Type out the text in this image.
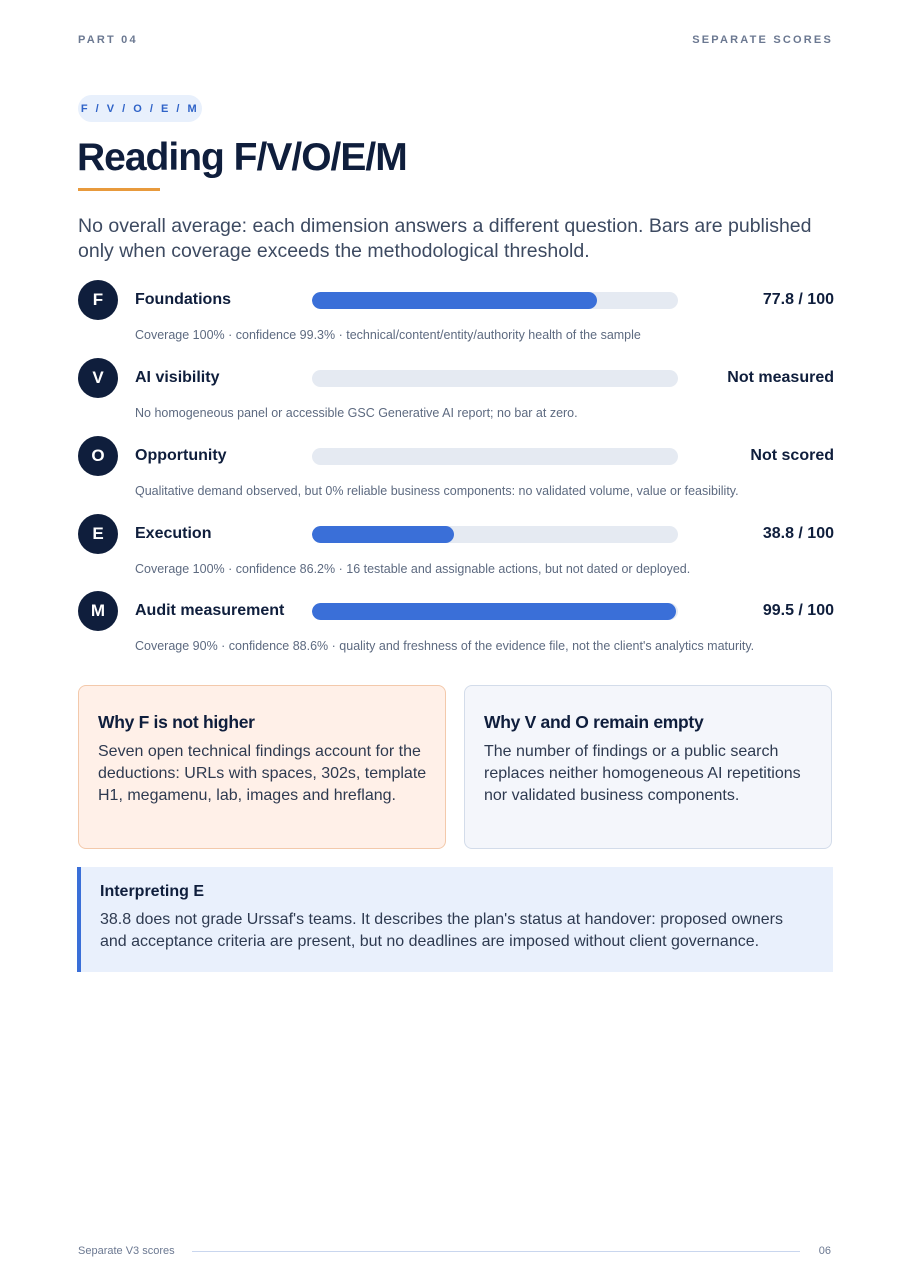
PART 04	SEPARATE SCORES
F / V / O / E / M
Reading F/V/O/E/M

No overall average: each dimension answers a different question. Bars are published only when coverage exceeds the methodological threshold.

F	Foundations	77.8 / 100
Coverage 100% · confidence 99.3% · technical/content/entity/authority health of the sample
V	AI visibility	Not measured
No homogeneous panel or accessible GSC Generative AI report; no bar at zero.
O	Opportunity	Not scored
Qualitative demand observed, but 0% reliable business components: no validated volume, value or feasibility.
E	Execution	38.8 / 100
Coverage 100% · confidence 86.2% · 16 testable and assignable actions, but not dated or deployed.
M	Audit measurement	99.5 / 100
Coverage 90% · confidence 88.6% · quality and freshness of the evidence file, not the client's analytics maturity.
Why F is not higher

Seven open technical findings account for the deductions: URLs with spaces, 302s, template H1, megamenu, lab, images and hreflang.

Why V and O remain empty

The number of findings or a public search replaces neither homogeneous AI repetitions nor validated business components.

Interpreting E

38.8 does not grade Urssaf's teams. It describes the plan's status at handover: proposed owners and acceptance criteria are present, but no deadlines are imposed without client governance.

Separate V3 scores	06
